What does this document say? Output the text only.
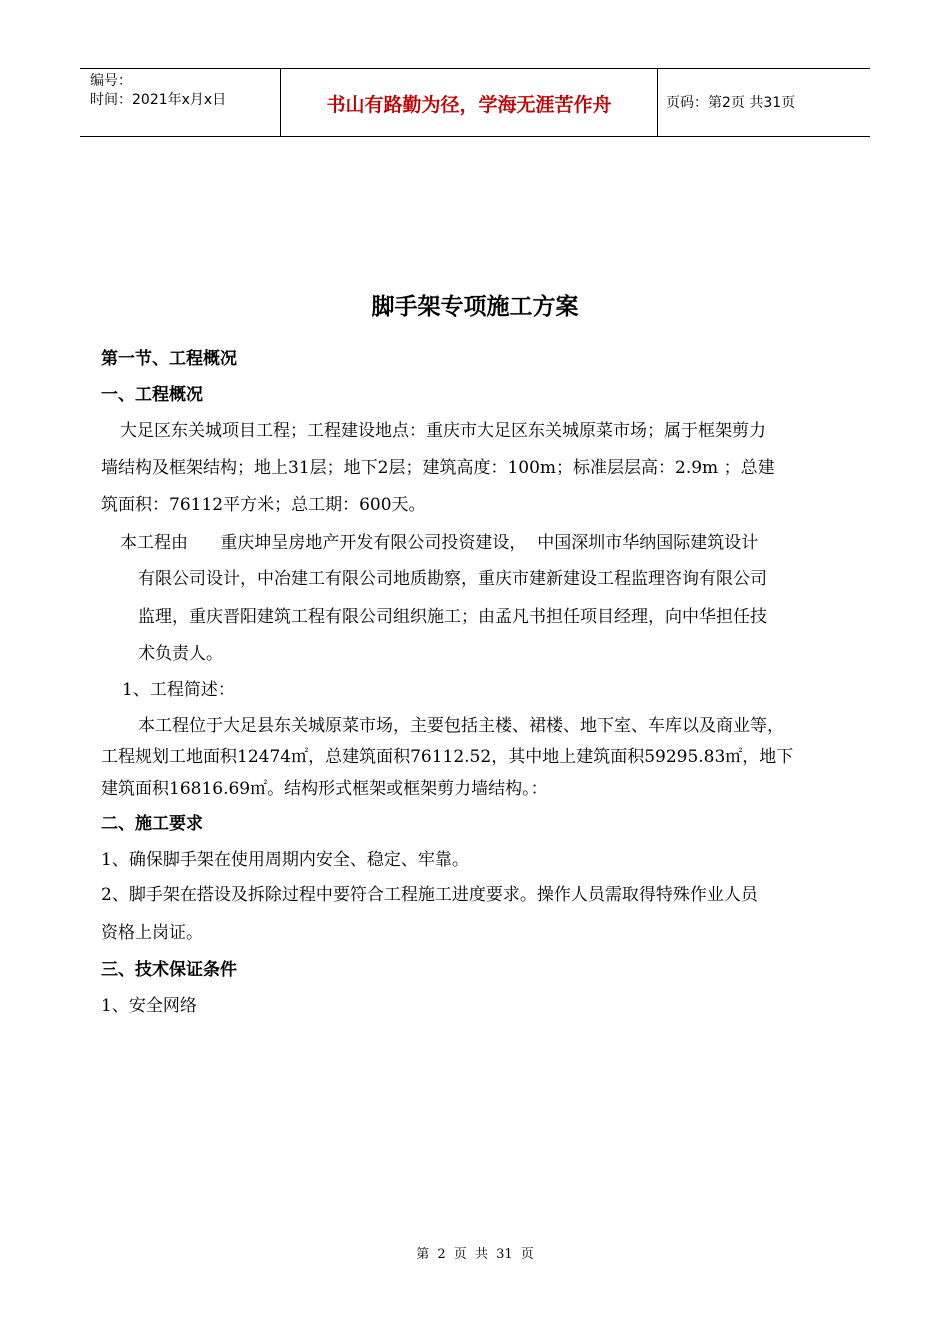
编号：
时间：2021年x月x日	书山有路勤为径，学海无涯苦作舟	页码：第2页 共31页
脚手架专项施工方案
第一节、工程概况
一、工程概况
大足区东关城项目工程；工程建设地点：重庆市大足区东关城原菜市场；属于框架剪力
墙结构及框架结构；地上31层；地下2层；建筑高度：100m；标准层层高：2.9m ；总建
筑面积：76112平方米；总工期：600天。
本工程由      重庆坤呈房地产开发有限公司投资建设，  中国深圳市华纳国际建筑设计
有限公司设计，中冶建工有限公司地质勘察，重庆市建新建设工程监理咨询有限公司
监理，重庆晋阳建筑工程有限公司组织施工；由孟凡书担任项目经理，向中华担任技
术负责人。
1、工程简述：
本工程位于大足县东关城原菜市场，主要包括主楼、裙楼、地下室、车库以及商业等，
工程规划工地面积12474㎡，总建筑面积76112.52，其中地上建筑面积59295.83㎡，地下
建筑面积16816.69㎡。结构形式框架或框架剪力墙结构。：
二、施工要求
1、确保脚手架在使用周期内安全、稳定、牢靠。
2、脚手架在搭设及拆除过程中要符合工程施工进度要求。操作人员需取得特殊作业人员
资格上岗证。
三、技术保证条件
1、安全网络
第 2 页 共 31 页
